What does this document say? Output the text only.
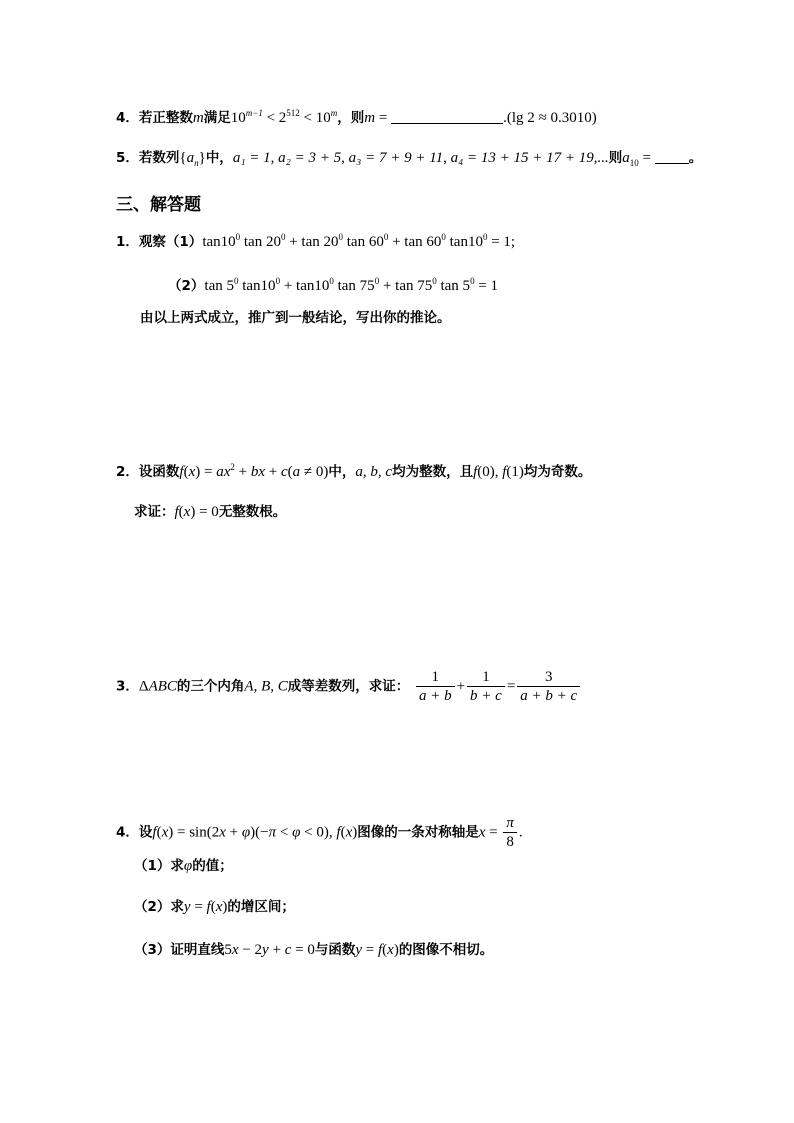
4．若正整数m满足$10^{m-1} < 2^{512} < 10^m$，则m =	.(lg 2 ≈ 0.3010)
5．若数列$\{a_n\}$中，a₁ = 1, a₂ = 3 + 5, a₃ = 7 + 9 + 11, a₄ = 13 + 15 + 17 + 19,...则$a_{10}$ =	。
三、解答题
1．观察$(1)\tan 10^0$ $\tan 20^0 + \tan 20^0$ $\tan 60^0 + \tan 60^0$ $\tan 10^0 = 1$;
（2）tan $5^0$ $\tan 10^0 + \tan 10^0$ $\tan 75^0 + \tan 75^0$ $\tan 5^0 = 1$
由以上两式成立，推广到一般结论，写出你的推论。
2．设函数$f(x) = ax^2$ + bx + c(a ≠ 0)中，a, b, c均为整数，且f(0), f(1)均为奇数。
求证：f(x) = 0无整数根。
3．ΔABC的三个内角A, B, C成等差数列，求证： $\frac{1}{a + b} + \frac{1}{b + c} = \frac{3}{a + b + c}$
4．设f(x) = sin(2x + φ)(−π < φ < 0), f(x)图像的一条对称轴是$x = \frac{\pi}{8}$ .
（1）求φ的值；
（2）求y = f(x)的增区间；
（3）证明直线5x − 2y + c = 0与函数y = f(x)的图像不相切。
